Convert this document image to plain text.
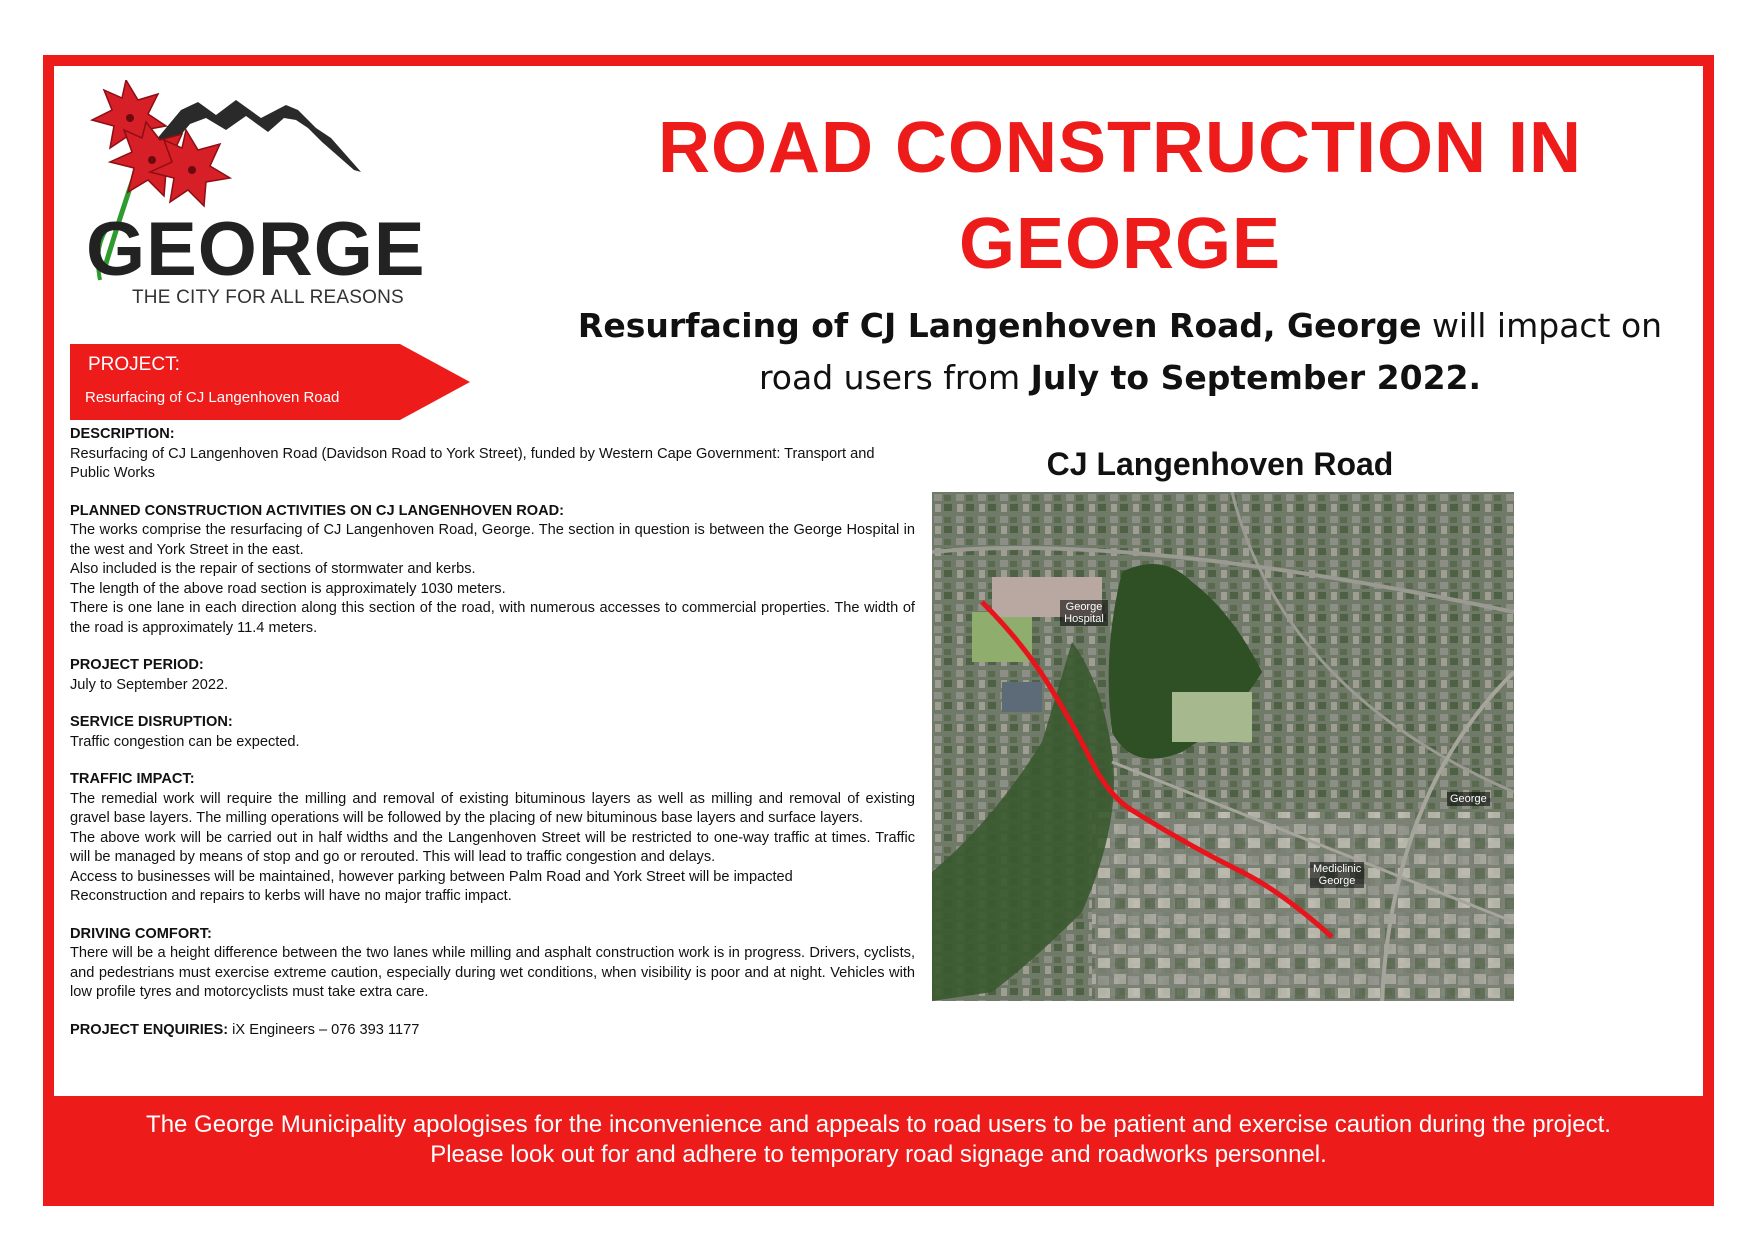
GEORGE
THE CITY FOR ALL REASONS
ROAD CONSTRUCTION IN
GEORGE
Resurfacing of CJ Langenhoven Road, George will impact on road users from July to September 2022.
PROJECT:
Resurfacing of CJ Langenhoven Road
DESCRIPTION:

Resurfacing of CJ Langenhoven Road (Davidson Road to York Street), funded by Western Cape Government: Transport and Public Works

PLANNED CONSTRUCTION ACTIVITIES ON CJ LANGENHOVEN ROAD:

The works comprise the resurfacing of CJ Langenhoven Road, George. The section in question is between the George Hospital in the west and York Street in the east.

Also included is the repair of sections of stormwater and kerbs.

The length of the above road section is approximately 1030 meters.

There is one lane in each direction along this section of the road, with numerous accesses to commercial properties. The width of the road is approximately 11.4 meters.

PROJECT PERIOD:

July to September 2022.

SERVICE DISRUPTION:

Traffic congestion can be expected.

TRAFFIC IMPACT:

The remedial work will require the milling and removal of existing bituminous layers as well as milling and removal of existing gravel base layers. The milling operations will be followed by the placing of new bituminous base layers and surface layers.

The above work will be carried out in half widths and the Langenhoven Street will be restricted to one-way traffic at times. Traffic will be managed by means of stop and go or rerouted. This will lead to traffic congestion and delays.

Access to businesses will be maintained, however parking between Palm Road and York Street will be impacted

Reconstruction and repairs to kerbs will have no major traffic impact.

DRIVING COMFORT:

There will be a height difference between the two lanes while milling and asphalt construction work is in progress. Drivers, cyclists, and pedestrians must exercise extreme caution, especially during wet conditions, when visibility is poor and at night. Vehicles with low profile tyres and motorcyclists must take extra care.

PROJECT ENQUIRIES: iX Engineers – 076 393 1177
CJ Langenhoven Road
George Hospital
George
Mediclinic George
The George Municipality apologises for the inconvenience and appeals to road users to be patient and exercise caution during the project.
Please look out for and adhere to temporary road signage and roadworks personnel.
